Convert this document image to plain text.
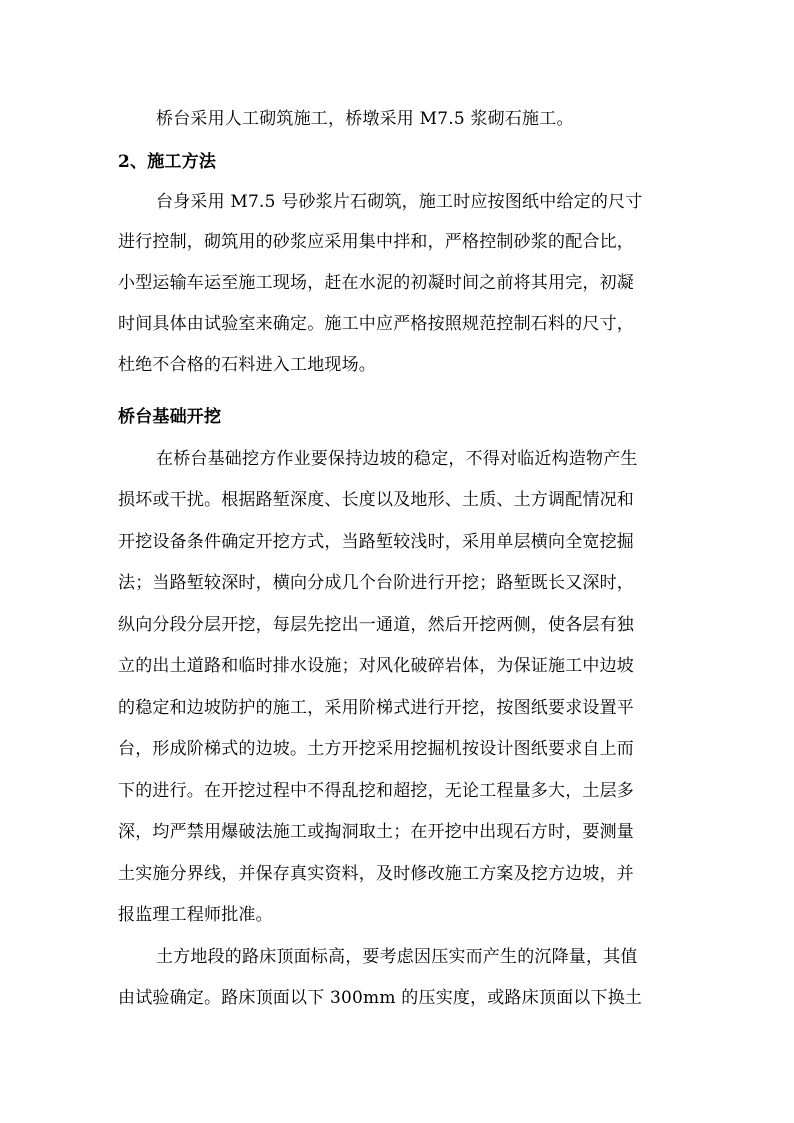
桥台采用人工砌筑施工，桥墩采用 M7.5 浆砌石施工。
2、施工方法
台身采用 M7.5 号砂浆片石砌筑，施工时应按图纸中给定的尺寸
进行控制，砌筑用的砂浆应采用集中拌和，严格控制砂浆的配合比，
小型运输车运至施工现场，赶在水泥的初凝时间之前将其用完，初凝
时间具体由试验室来确定。施工中应严格按照规范控制石料的尺寸，
杜绝不合格的石料进入工地现场。
桥台基础开挖
在桥台基础挖方作业要保持边坡的稳定，不得对临近构造物产生
损坏或干扰。根据路堑深度、长度以及地形、土质、土方调配情况和
开挖设备条件确定开挖方式，当路堑较浅时，采用单层横向全宽挖掘
法；当路堑较深时，横向分成几个台阶进行开挖；路堑既长又深时，
纵向分段分层开挖，每层先挖出一通道，然后开挖两侧，使各层有独
立的出土道路和临时排水设施；对风化破碎岩体，为保证施工中边坡
的稳定和边坡防护的施工，采用阶梯式进行开挖，按图纸要求设置平
台，形成阶梯式的边坡。土方开挖采用挖掘机按设计图纸要求自上而
下的进行。在开挖过程中不得乱挖和超挖，无论工程量多大，土层多
深，均严禁用爆破法施工或掏洞取土；在开挖中出现石方时，要测量
土实施分界线，并保存真实资料，及时修改施工方案及挖方边坡，并
报监理工程师批准。
土方地段的路床顶面标高，要考虑因压实而产生的沉降量，其值
由试验确定。路床顶面以下 300mm 的压实度，或路床顶面以下换土
